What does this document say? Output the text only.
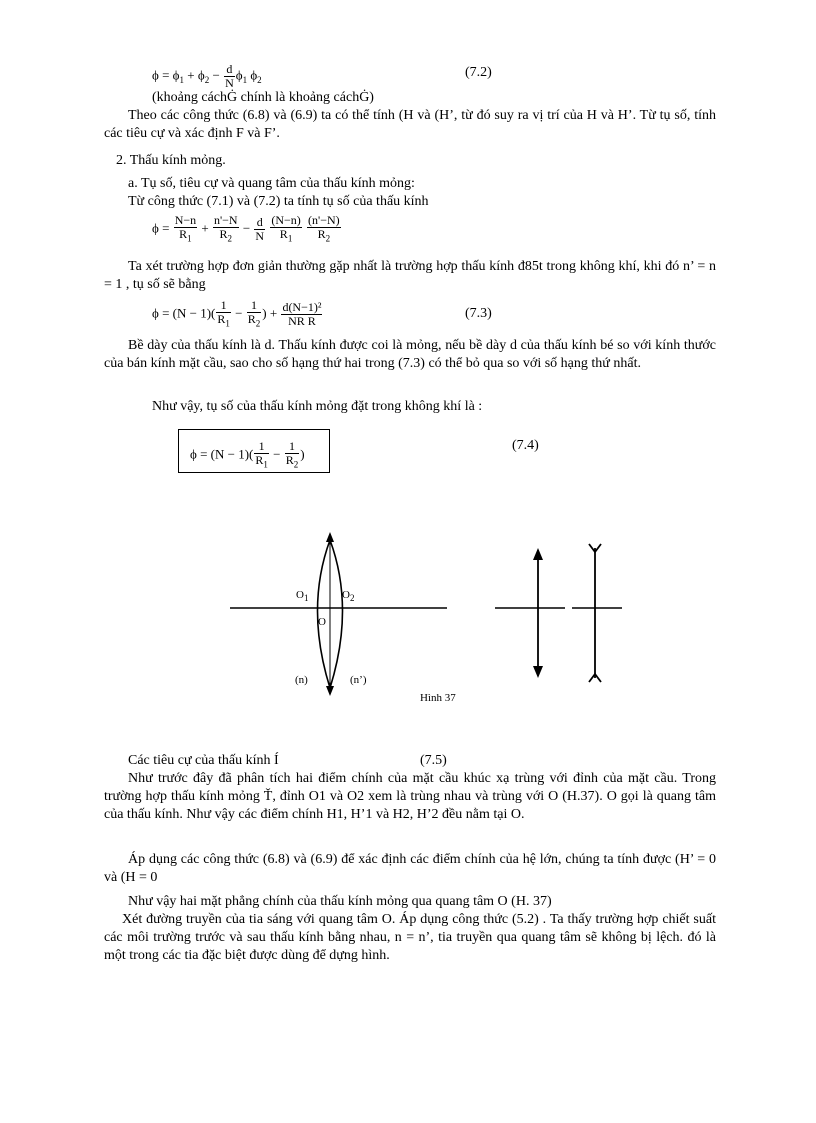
$\phi = \phi_1 + \phi_2 - \frac{d}{N} \phi_1$ $\phi_2$
(7.2)
(khoảng cáchĠ chính là khoảng cáchĠ)
Theo các công thức (6.8) và (6.9) ta có thể tính (H và (H’, từ đó suy ra vị trí của H và H’. Từ tụ số, tính các tiêu cự và xác định F và F’.
2. Thấu kính mỏng.
a. Tụ số, tiêu cự và quang tâm của thấu kính mỏng:
Từ công thức (7.1) và (7.2) ta tính tụ số của thấu kính
$\phi = \frac{N-n}{R_1} + \frac{n'-N}{R_2} - \frac{d}{N}$
$\frac{(N-n)}{R_1}$
$\frac{(n'-N)}{R_2}$
Ta xét trường hợp đơn giản thường gặp nhất là trường hợp thấu kính đ85t trong không khí, khi đó n’ = n = 1 , tụ số sẽ bằng
$\phi = (N - 1)( \frac{1}{R_1} - \frac{1}{R_2}$ ) + $\frac{\text{d(N−1)²}}{\text{NR R}}$	(7.3)
Bề dày của thấu kính là d. Thấu kính được coi là mỏng, nếu bề dày d của thấu kính bé so với kính thước của bán kính mặt cầu, sao cho số hạng thứ hai trong (7.3) có thể bỏ qua so với số hạng thứ nhất.
Như vậy, tụ số của thấu kính mỏng đặt trong không khí là :
$\phi = (N - 1)( \frac{1}{R_1} - \frac{1}{R_2}$ )
(7.4)
$O_1$	$O_2$
O
(n)	(n’)
Hình 37
Các tiêu cự của thấu kính Í	(7.5)
Như trước đây đã phân tích hai điểm chính của mặt cầu khúc xạ trùng với đỉnh của mặt cầu. Trong trường hợp thấu kính mỏng Ť, đỉnh O1 và O2 xem là trùng nhau và trùng với O (H.37). O gọi là quang tâm của thấu kính. Như vậy các điểm chính H1, H’1 và H2, H’2 đều nằm tại O.
Áp dụng các công thức (6.8) và (6.9) để xác định các điểm chính của hệ lớn, chúng ta tính được (H’ = 0 và (H = 0
Như vậy hai mặt phẳng chính của thấu kính mỏng qua quang tâm O (H. 37)
Xét đường truyền của tia sáng với quang tâm O. Áp dụng công thức (5.2) . Ta thấy trường hợp chiết suất các môi trường trước và sau thấu kính bằng nhau, n = n’, tia truyền qua quang tâm sẽ không bị lệch. đó là một trong các tia đặc biệt được dùng để dựng hình.
